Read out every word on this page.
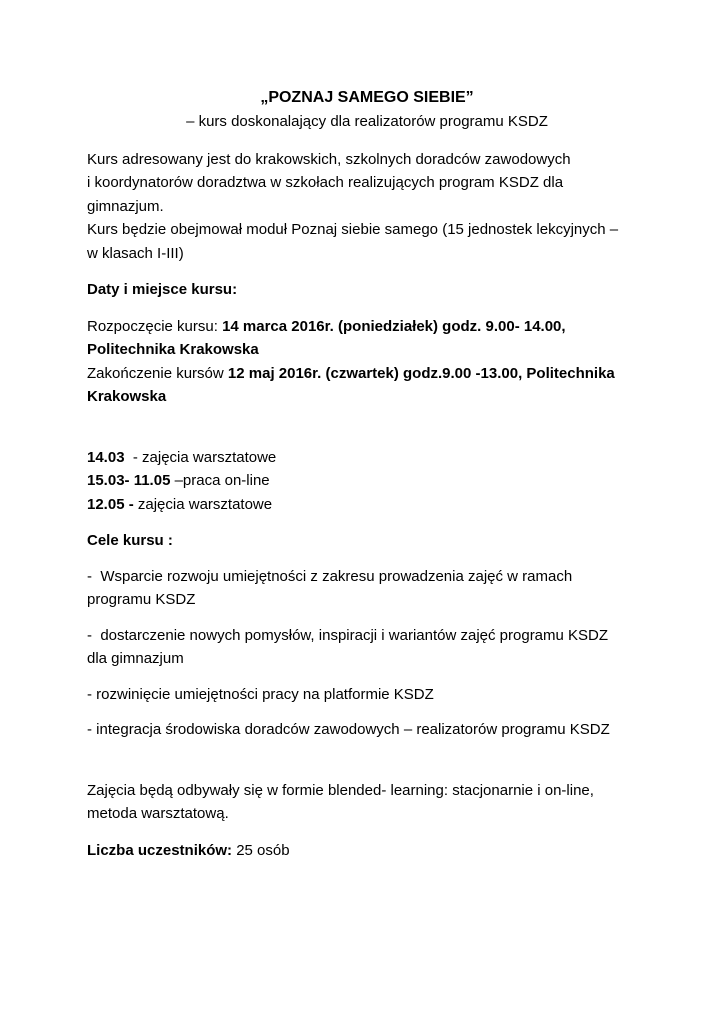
„POZNAJ SAMEGO SIEBIE”

– kurs doskonalający dla realizatorów programu KSDZ

Kurs adresowany jest do krakowskich, szkolnych doradców zawodowych

i koordynatorów doradztwa w szkołach realizujących program KSDZ dla

gimnazjum.

Kurs będzie obejmował moduł Poznaj siebie samego (15 jednostek lekcyjnych –

w klasach I-III)

Daty i miejsce kursu:

Rozpoczęcie kursu: 14 marca 2016r. (poniedziałek) godz. 9.00- 14.00,

Politechnika Krakowska

Zakończenie kursów 12 maj 2016r. (czwartek) godz.9.00 -13.00, Politechnika

Krakowska

14.03  - zajęcia warsztatowe

15.03- 11.05 –praca on-line

12.05 - zajęcia warsztatowe

Cele kursu :

-  Wsparcie rozwoju umiejętności z zakresu prowadzenia zajęć w ramach

programu KSDZ

-  dostarczenie nowych pomysłów, inspiracji i wariantów zajęć programu KSDZ

dla gimnazjum

- rozwinięcie umiejętności pracy na platformie KSDZ

- integracja środowiska doradców zawodowych – realizatorów programu KSDZ

Zajęcia będą odbywały się w formie blended- learning: stacjonarnie i on-line,

metoda warsztatową.

Liczba uczestników: 25 osób
